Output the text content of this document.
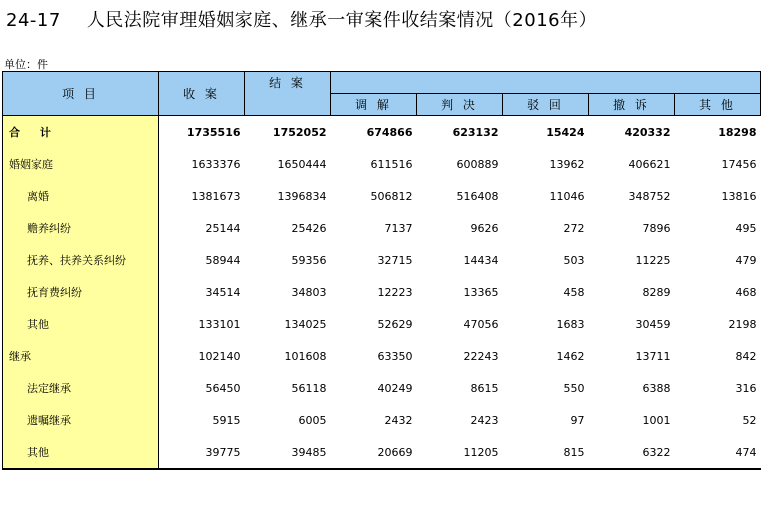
24-17 人民法院审理婚姻家庭、继承一审案件收结案情况（2016年）
单位：件
项 目	收 案	结 案					
			调 解	判 决	驳 回	撤 诉	其 他
合 计	1735516	1752052	674866	623132	15424	420332	18298
婚姻家庭	1633376	1650444	611516	600889	13962	406621	17456
离婚	1381673	1396834	506812	516408	11046	348752	13816
赡养纠纷	25144	25426	7137	9626	272	7896	495
抚养、扶养关系纠纷	58944	59356	32715	14434	503	11225	479
抚育费纠纷	34514	34803	12223	13365	458	8289	468
其他	133101	134025	52629	47056	1683	30459	2198
继承	102140	101608	63350	22243	1462	13711	842
法定继承	56450	56118	40249	8615	550	6388	316
遗嘱继承	5915	6005	2432	2423	97	1001	52
其他	39775	39485	20669	11205	815	6322	474
